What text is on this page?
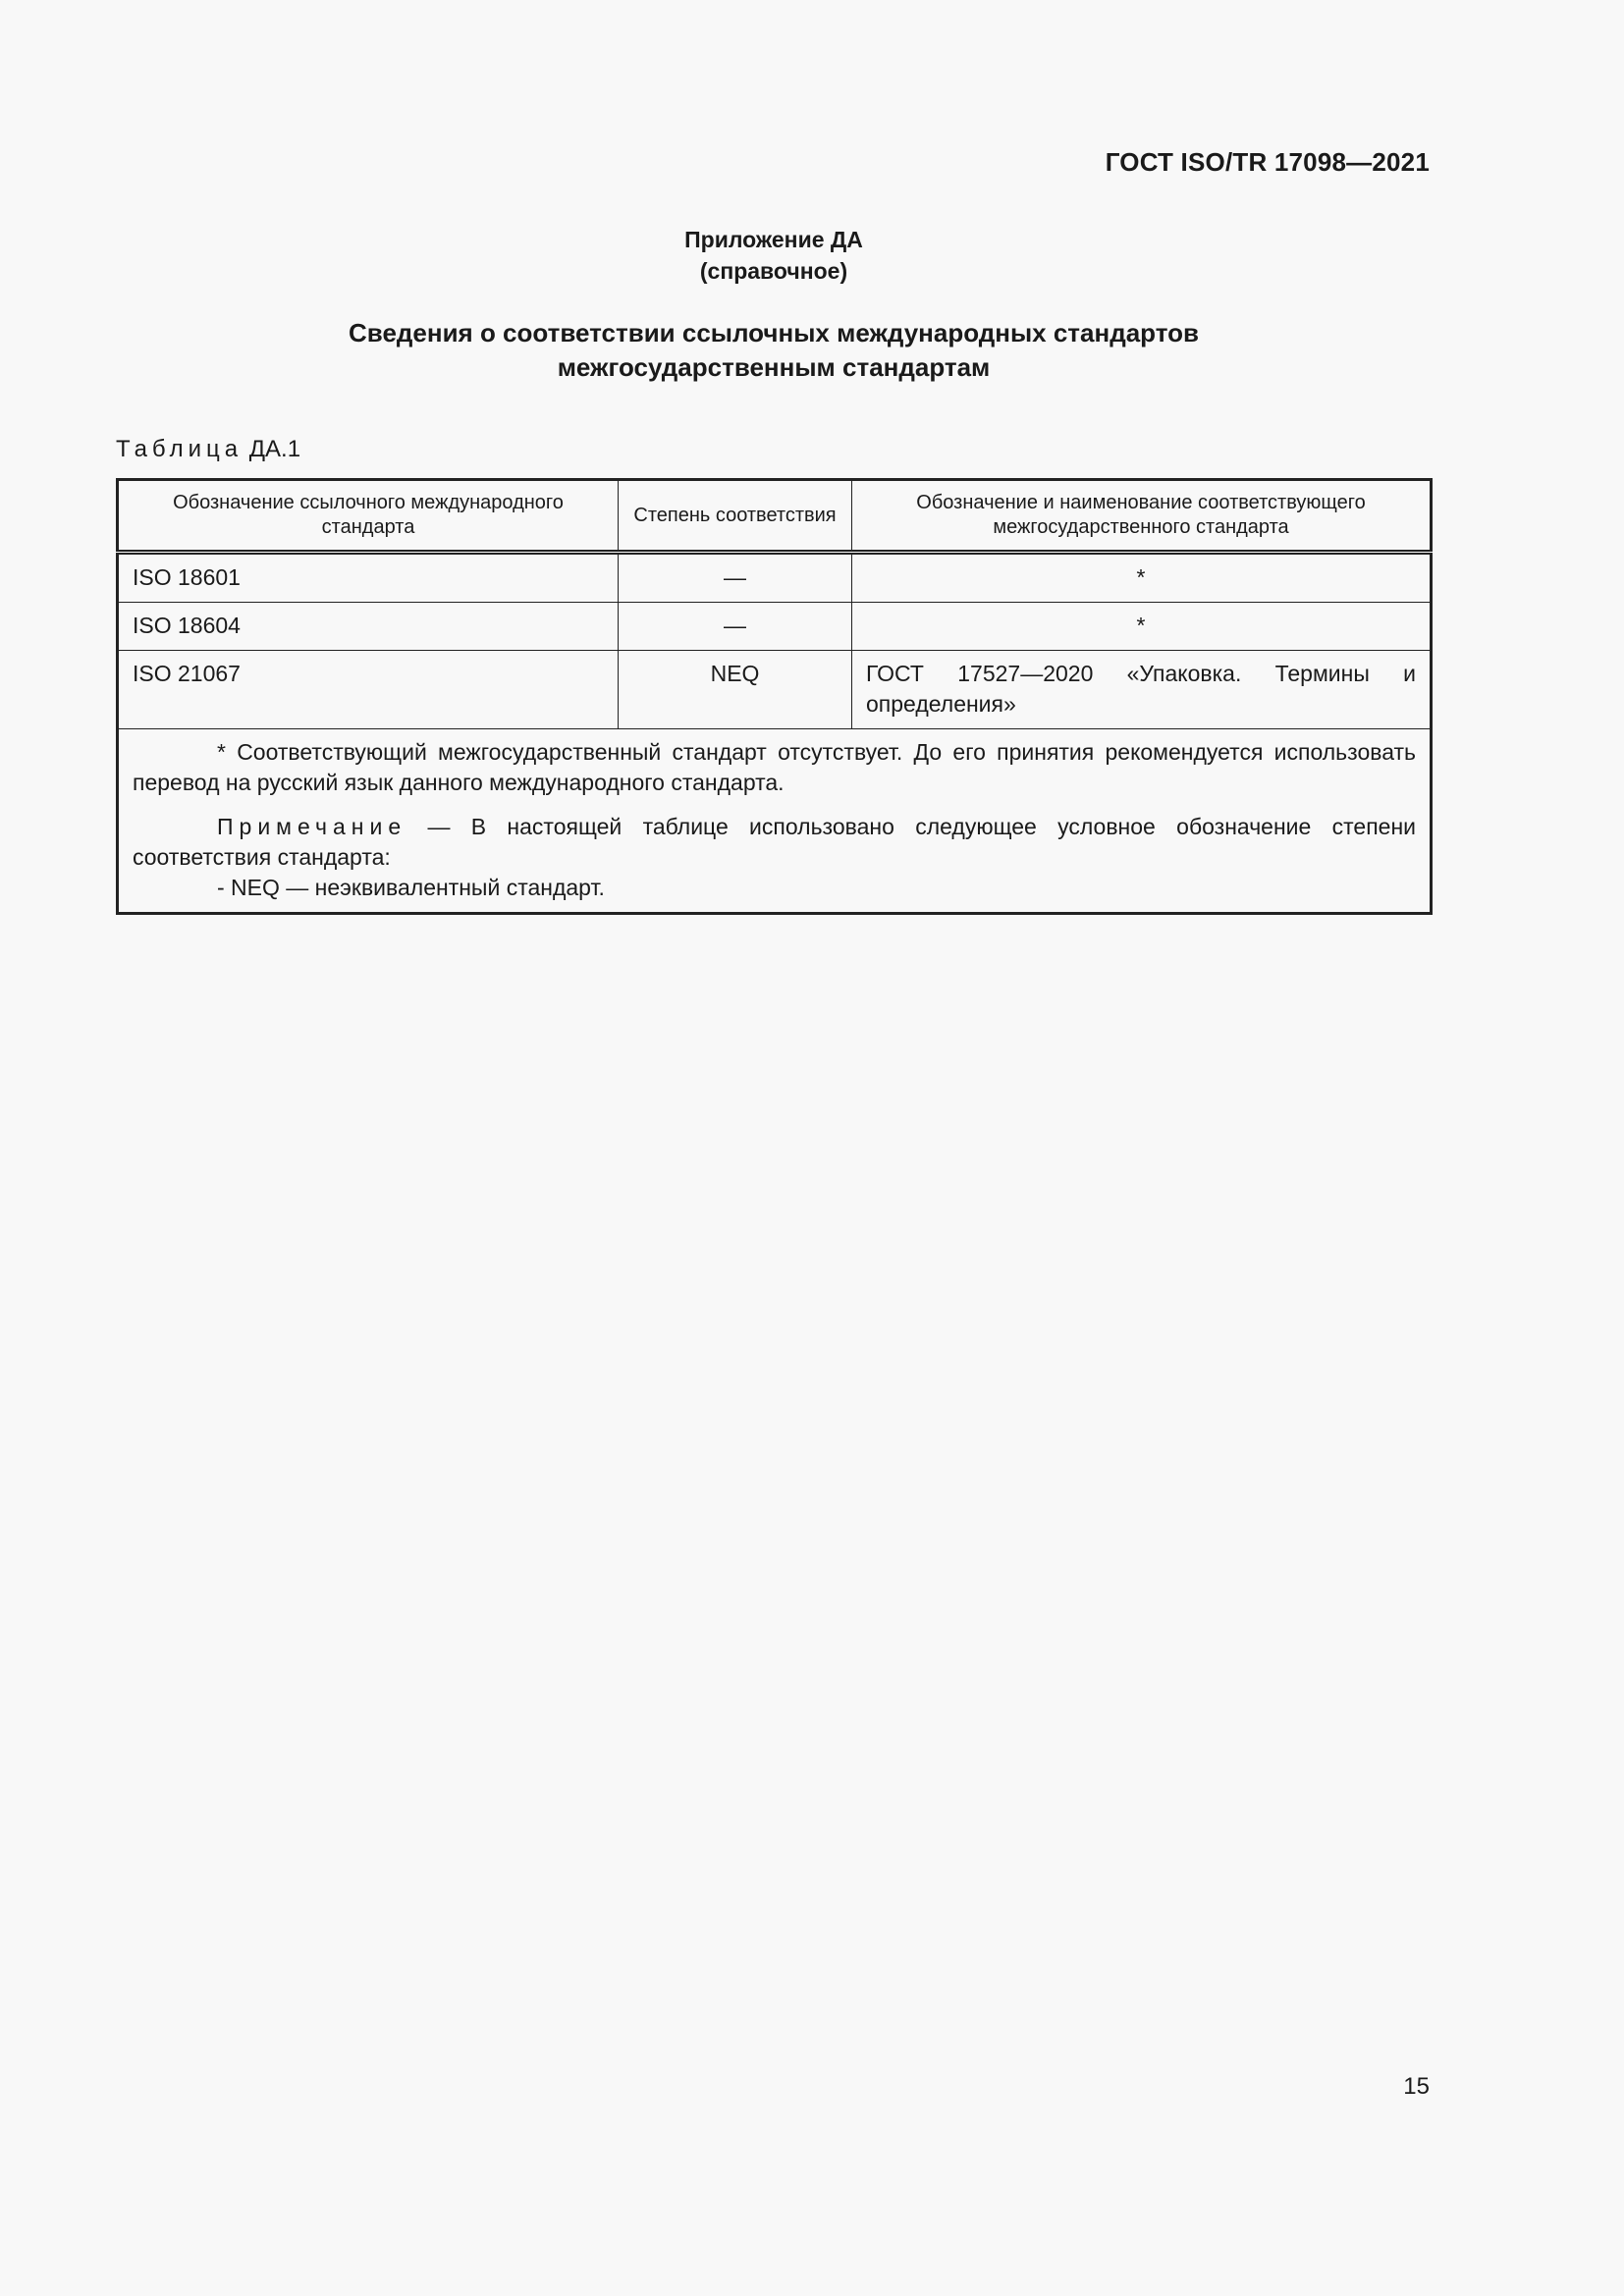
ГОСТ ISO/TR 17098—2021
Приложение ДА
(справочное)
Сведения о соответствии ссылочных международных стандартов
межгосударственным стандартам
Таблица ДА.1
Обозначение ссылочного международного стандарта	Степень соответствия	Обозначение и наименование соответствующего межгосударственного стандарта
ISO 18601	—	*
ISO 18604	—	*
ISO 21067	NEQ	ГОСТ 17527—2020 «Упаковка. Термины и определения»

* Соответствующий межгосударственный стандарт отсутствует. До его принятия рекомендуется использовать перевод на русский язык данного международного стандарта.

Примечание — В настоящей таблице использовано следующее условное обозначение степени соответствия стандарта:

- NEQ — неэквивалентный стандарт.		

15
